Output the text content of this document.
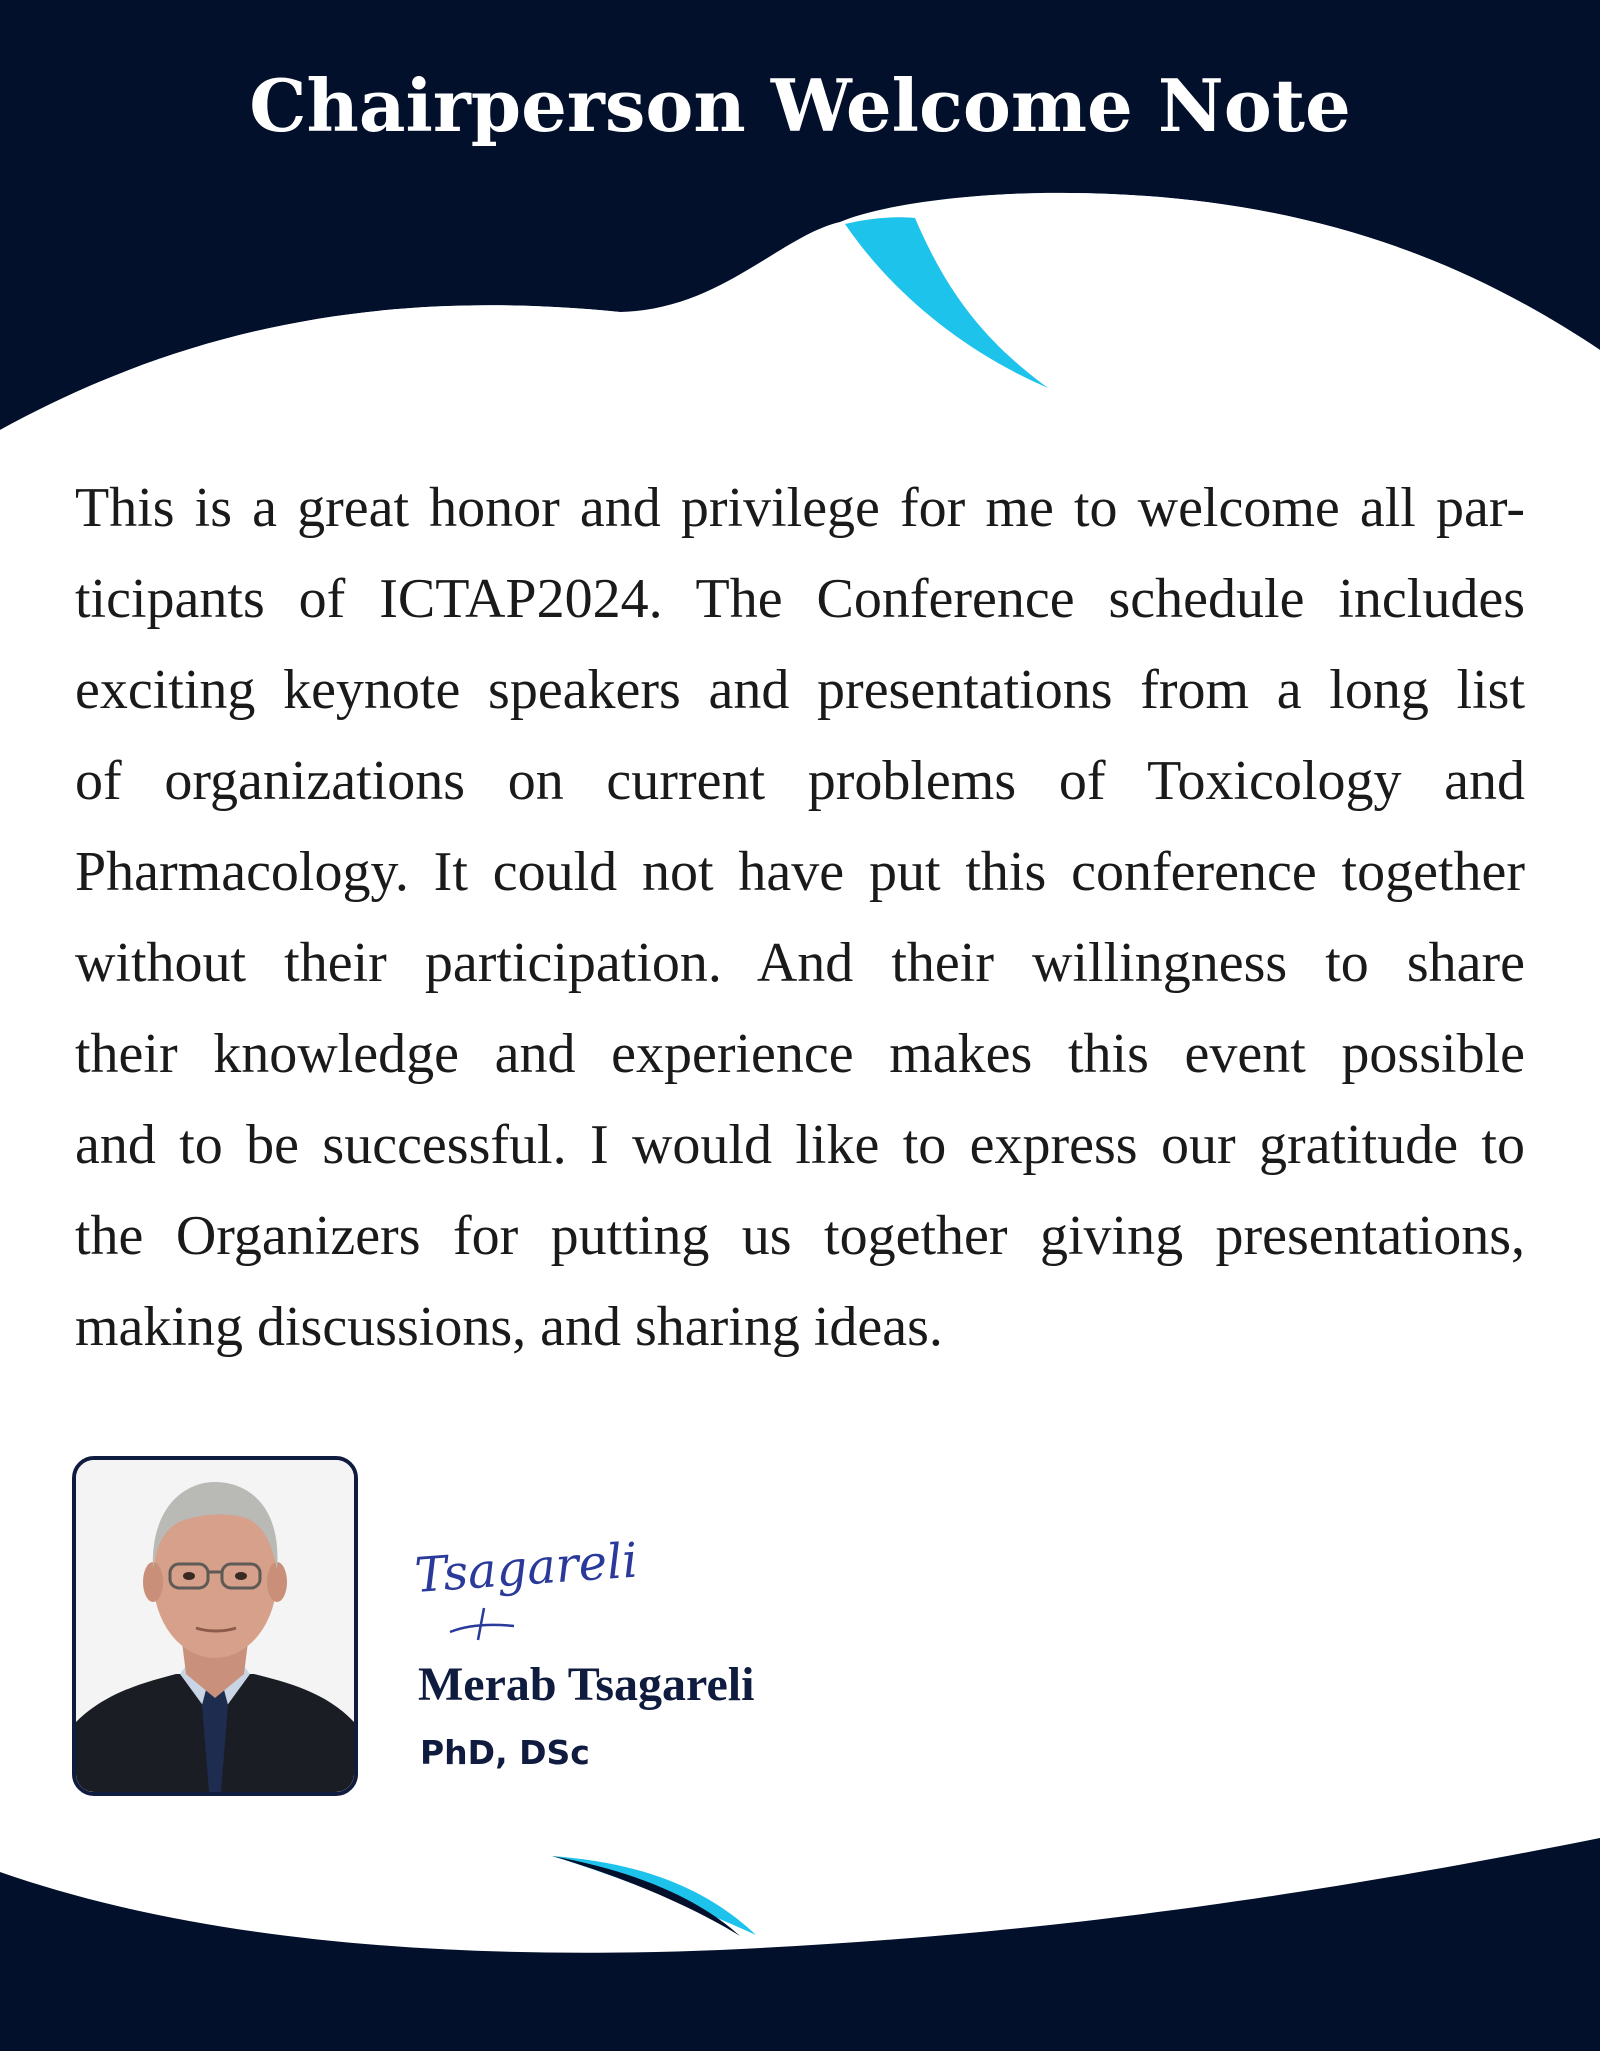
Chairperson Welcome Note

This is a great honor and privilege for me to welcome all par-
ticipants of ICTAP2024. The Conference schedule includes
exciting keynote speakers and presentations from a long list
of organizations on current problems of Toxicology and
Pharmacology. It could not have put this conference together
without their participation. And their willingness to share
their knowledge and experience makes this event possible
and to be successful. I would like to express our gratitude to
the Organizers for putting us together giving presentations,
making discussions, and sharing ideas.

Tsagareli

Merab Tsagareli

PhD, DSc
